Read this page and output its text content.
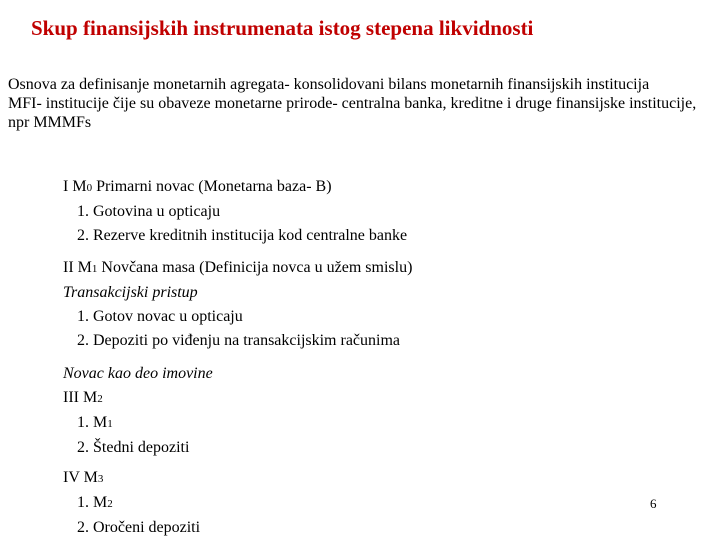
Skup finansijskih instrumenata istog stepena likvidnosti

Osnova za definisanje monetarnih agregata- konsolidovani bilans monetarnih finansijskih institucija

MFI- institucije čije su obaveze monetarne prirode- centralna banka, kreditne i druge finansijske institucije, npr MMMFs

I M0 Primarni novac (Monetarna baza- B)
1. Gotovina u opticaju
2. Rezerve kreditnih institucija kod centralne banke
II M1 Novčana masa (Definicija novca u užem smislu)
Transakcijski pristup
1. Gotov novac u opticaju
2. Depoziti po viđenju na transakcijskim računima
Novac kao deo imovine
III M2
1. M1
2. Štedni depoziti
IV M3
1. M2
2. Oročeni depoziti
6
